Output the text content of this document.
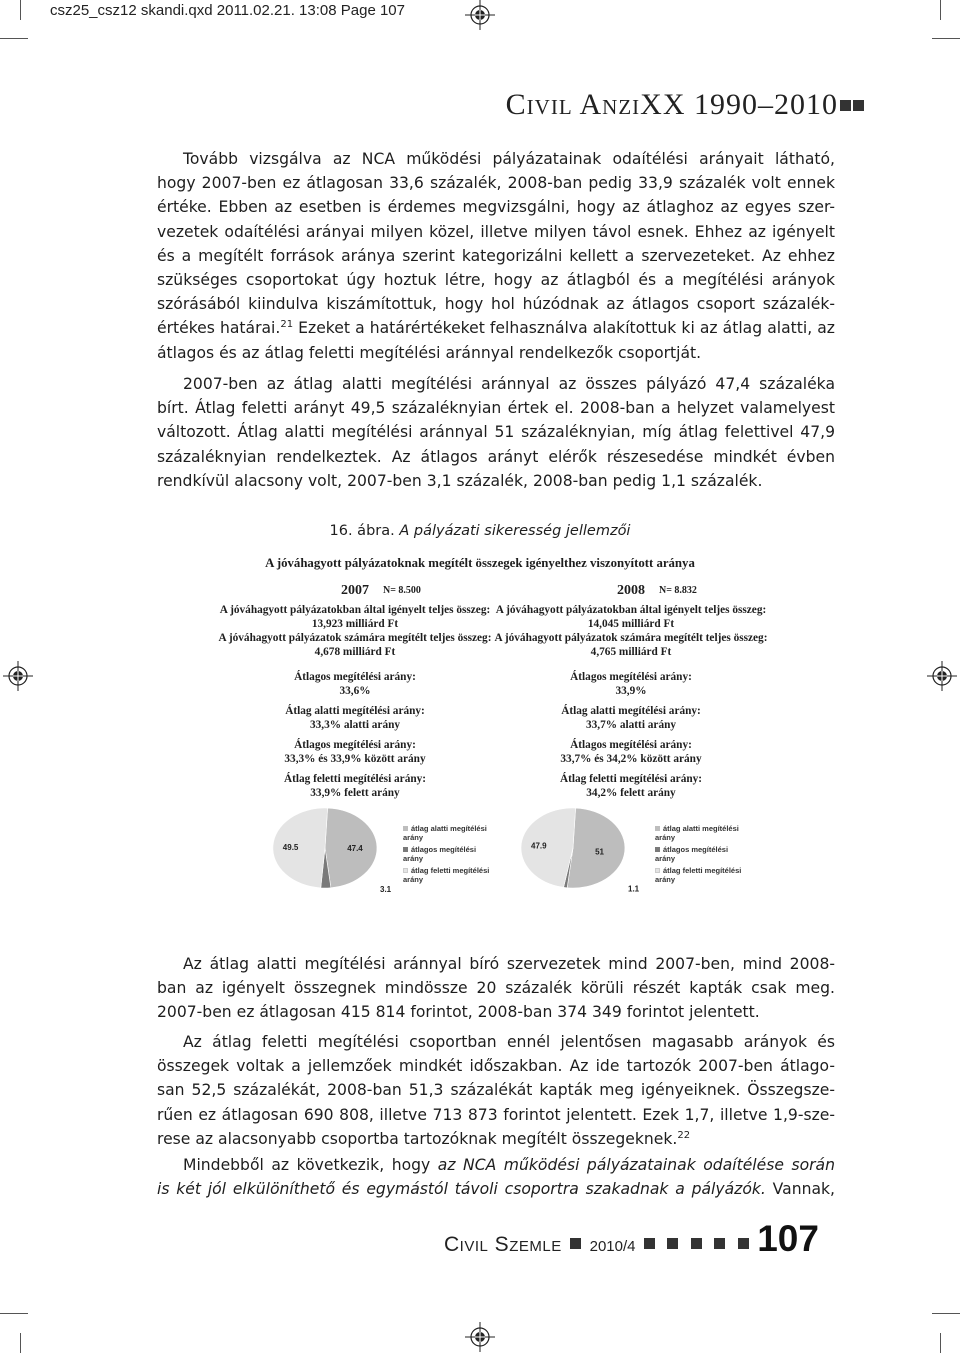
csz25_csz12 skandi.qxd 2011.02.21. 13:08 Page 107
Civil AnziXX 1990–2010
Tovább vizsgálva az NCA működési pályázatainak odaítélési arányait látható,
hogy 2007-ben ez átlagosan 33,6 százalék, 2008-ban pedig 33,9 százalék volt ennek
értéke. Ebben az esetben is érdemes megvizsgálni, hogy az átlaghoz az egyes szer-
vezetek odaítélési arányai milyen közel, illetve milyen távol esnek. Ehhez az igényelt
és a megítélt források aránya szerint kategorizálni kellett a szervezeteket. Az ehhez
szükséges csoportokat úgy hoztuk létre, hogy az átlagból és a megítélési arányok
szórásából kiindulva kiszámítottuk, hogy hol húzódnak az átlagos csoport százalék-
értékes határai.$^{21}$ Ezeket a határértékeket felhasználva alakítottuk ki az átlag alatti, az
átlagos és az átlag feletti megítélési aránnyal rendelkezők csoportját.
2007-ben az átlag alatti megítélési aránnyal az összes pályázó 47,4 százaléka
bírt. Átlag feletti arányt 49,5 százaléknyian értek el. 2008-ban a helyzet valamelyest
változott. Átlag alatti megítélési aránnyal 51 százaléknyian, míg átlag felettivel 47,9
százaléknyian rendelkeztek. Az átlagos arányt elérők részesedése mindkét évben
rendkívül alacsony volt, 2007-ben 3,1 százalék, 2008-ban pedig 1,1 százalék.
16. ábra. A pályázati sikeresség jellemzői
A jóváhagyott pályázatoknak megítélt összegek igényelthez viszonyított aránya
2007 N= 8.500
A jóváhagyott pályázatokban által igényelt teljes összeg:
13,923 milliárd Ft
A jóváhagyott pályázatok számára megítélt teljes összeg:
4,678 milliárd Ft
Átlagos megítélési arány:
33,6%
Átlag alatti megítélési arány:
33,3% alatti arány
Átlagos megítélési arány:
33,3% és 33,9% között arány
Átlag feletti megítélési arány:
33,9% felett arány
2008 N= 8.832
A jóváhagyott pályázatokban által igényelt teljes összeg:
14,045 milliárd Ft
A jóváhagyott pályázatok számára megítélt teljes összeg:
4,765 milliárd Ft
Átlagos megítélési arány:
33,9%
Átlag alatti megítélési arány:
33,7% alatti arány
Átlagos megítélési arány:
33,7% és 34,2% között arány
Átlag feletti megítélési arány:
34,2% felett arány
47.4
3.1
49.5	51
1.1
47.9
átlag alatti megítélési arány
átlagos megítélési arány
átlag feletti megítélési arány
átlag alatti megítélési arány
átlagos megítélési arány
átlag feletti megítélési arány
Az átlag alatti megítélési aránnyal bíró szervezetek mind 2007-ben, mind 2008-
ban az igényelt összegnek mindössze 20 százalék körüli részét kapták csak meg.
2007-ben ez átlagosan 415 814 forintot, 2008-ban 374 349 forintot jelentett.
Az átlag feletti megítélési csoportban ennél jelentősen magasabb arányok és
összegek voltak a jellemzőek mindkét időszakban. Az ide tartozók 2007-ben átlago-
san 52,5 százalékát, 2008-ban 51,3 százalékát kapták meg igényeiknek. Összegsze-
rűen ez átlagosan 690 808, illetve 713 873 forintot jelentett. Ezek 1,7, illetve 1,9-sze-
rese az alacsonyabb csoportba tartozóknak megítélt összegeknek.$^{22}$
Mindebből az következik, hogy az NCA működési pályázatainak odaítélése során
is két jól elkülöníthető és egymástól távoli csoportra szakadnak a pályázók. Vannak,
Civil Szemle 2010/4	107
